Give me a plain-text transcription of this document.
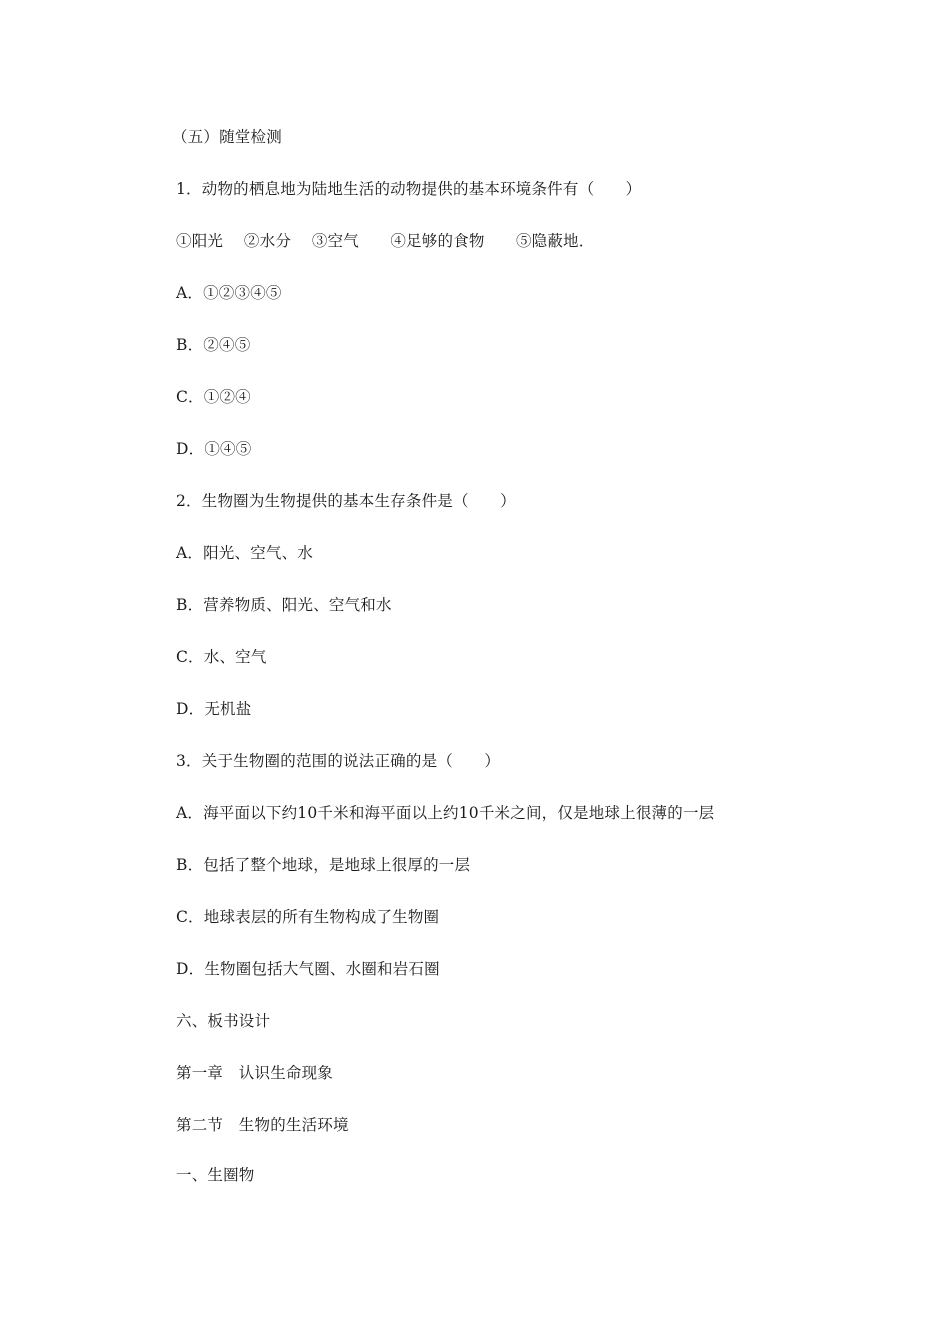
（五）随堂检测
1．动物的栖息地为陆地生活的动物提供的基本环境条件有（　　）
①阳光　 ②水分　 ③空气　　④足够的食物　　⑤隐蔽地．
A．①②③④⑤
B．②④⑤
C．①②④
D．①④⑤
2．生物圈为生物提供的基本生存条件是（　　）
A．阳光、空气、水
B．营养物质、阳光、空气和水
C．水、空气
D．无机盐
3．关于生物圈的范围的说法正确的是（　　）
A．海平面以下约10千米和海平面以上约10千米之间，仅是地球上很薄的一层
B．包括了整个地球，是地球上很厚的一层
C．地球表层的所有生物构成了生物圈
D．生物圈包括大气圈、水圈和岩石圈
六、板书设计
第一章　认识生命现象
第二节　生物的生活环境
一、生圈物
